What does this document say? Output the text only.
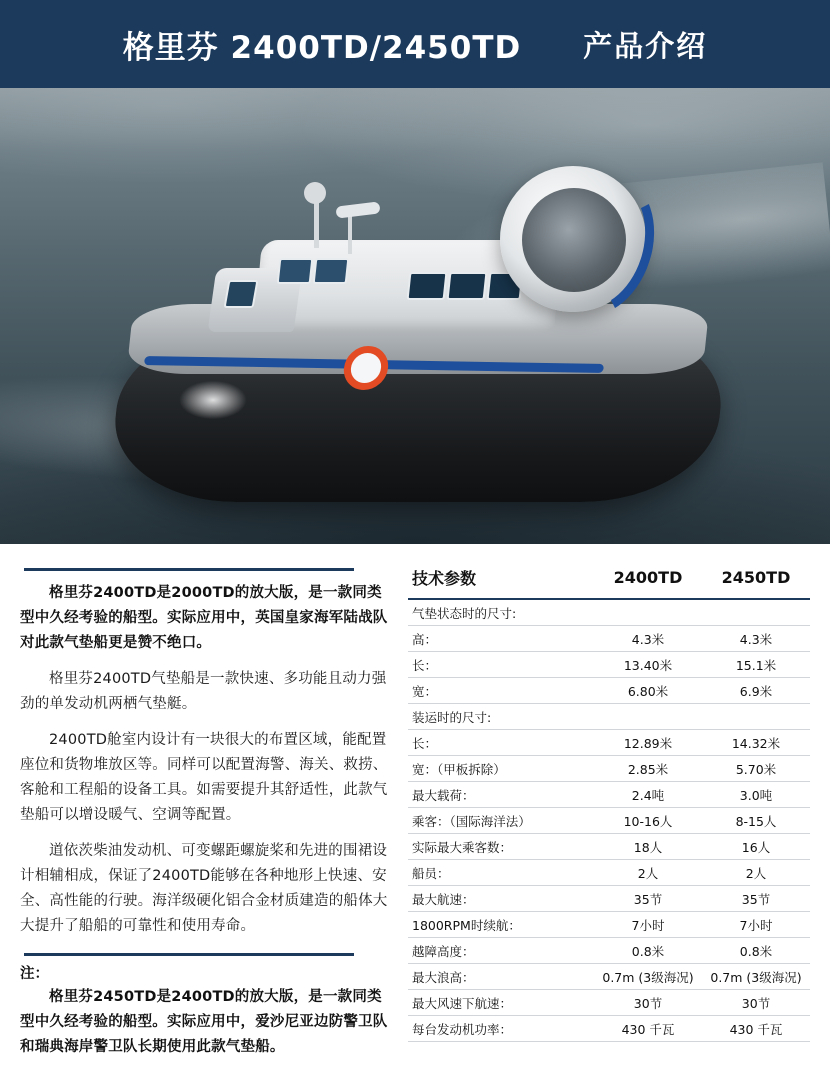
格里芬 2400TD/2450TD 产品介绍

格里芬2400TD是2000TD的放大版，是一款同类型中久经考验的船型。实际应用中，英国皇家海军陆战队对此款气垫船更是赞不绝口。

格里芬2400TD气垫船是一款快速、多功能且动力强劲的单发动机两栖气垫艇。

2400TD舱室内设计有一块很大的布置区域，能配置座位和货物堆放区等。同样可以配置海警、海关、救捞、客舱和工程船的设备工具。如需要提升其舒适性，此款气垫船可以增设暖气、空调等配置。

道依茨柴油发动机、可变螺距螺旋桨和先进的围裙设计相辅相成，保证了2400TD能够在各种地形上快速、安全、高性能的行驶。海洋级硬化铝合金材质建造的船体大大提升了船船的可靠性和使用寿命。

注：

格里芬2450TD是2400TD的放大版，是一款同类型中久经考验的船型。实际应用中，爱沙尼亚边防警卫队和瑞典海岸警卫队长期使用此款气垫船。

技术参数	2400TD	2450TD
气垫状态时的尺寸:		
高：	4.3米	4.3米
长：	13.40米	15.1米
宽：	6.80米	6.9米
装运时的尺寸:		
长：	12.89米	14.32米
宽：（甲板拆除）	2.85米	5.70米
最大载荷：	2.4吨	3.0吨
乘客：（国际海洋法）	10-16人	8-15人
实际最大乘客数：	18人	16人
船员：	2人	2人
最大航速：	35节	35节
1800RPM时续航：	7小时	7小时
越障高度：	0.8米	0.8米
最大浪高：	0.7m (3级海况)	0.7m (3级海况)
最大风速下航速：	30节	30节
每台发动机功率：	430 千瓦	430 千瓦
